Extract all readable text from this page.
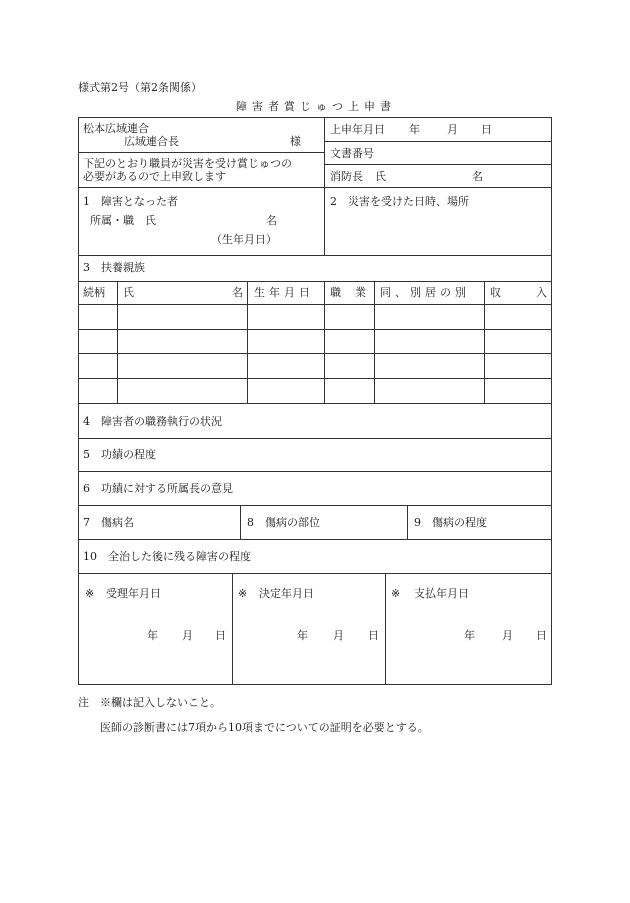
様式第2号（第2条関係）
障害者賞じゅつ上申書
松本広域連合
広域連合長	様
下記のとおり職員が災害を受け賞じゅつの
必要があるので上申致します
上申年月日 年 月 日
文書番号
消防長 氏	名
1　障害となった者
所属・職　氏	名
（生年月日）
2　災害を受けた日時、場所
3　扶養親族
続柄 氏	名 生年月日 職業 同、別居の別 収	入
4　障害者の職務執行の状況
5　功績の程度
6　功績に対する所属長の意見
7　傷病名	8　傷病の部位	9　傷病の程度
10　全治した後に残る障害の程度
※ 受理年月日
年 月 日
※ 決定年月日
年 月 日
※ 支払年月日
年 月 日
注 ※欄は記入しないこと。
医師の診断書には7項から10項までについての証明を必要とする。
